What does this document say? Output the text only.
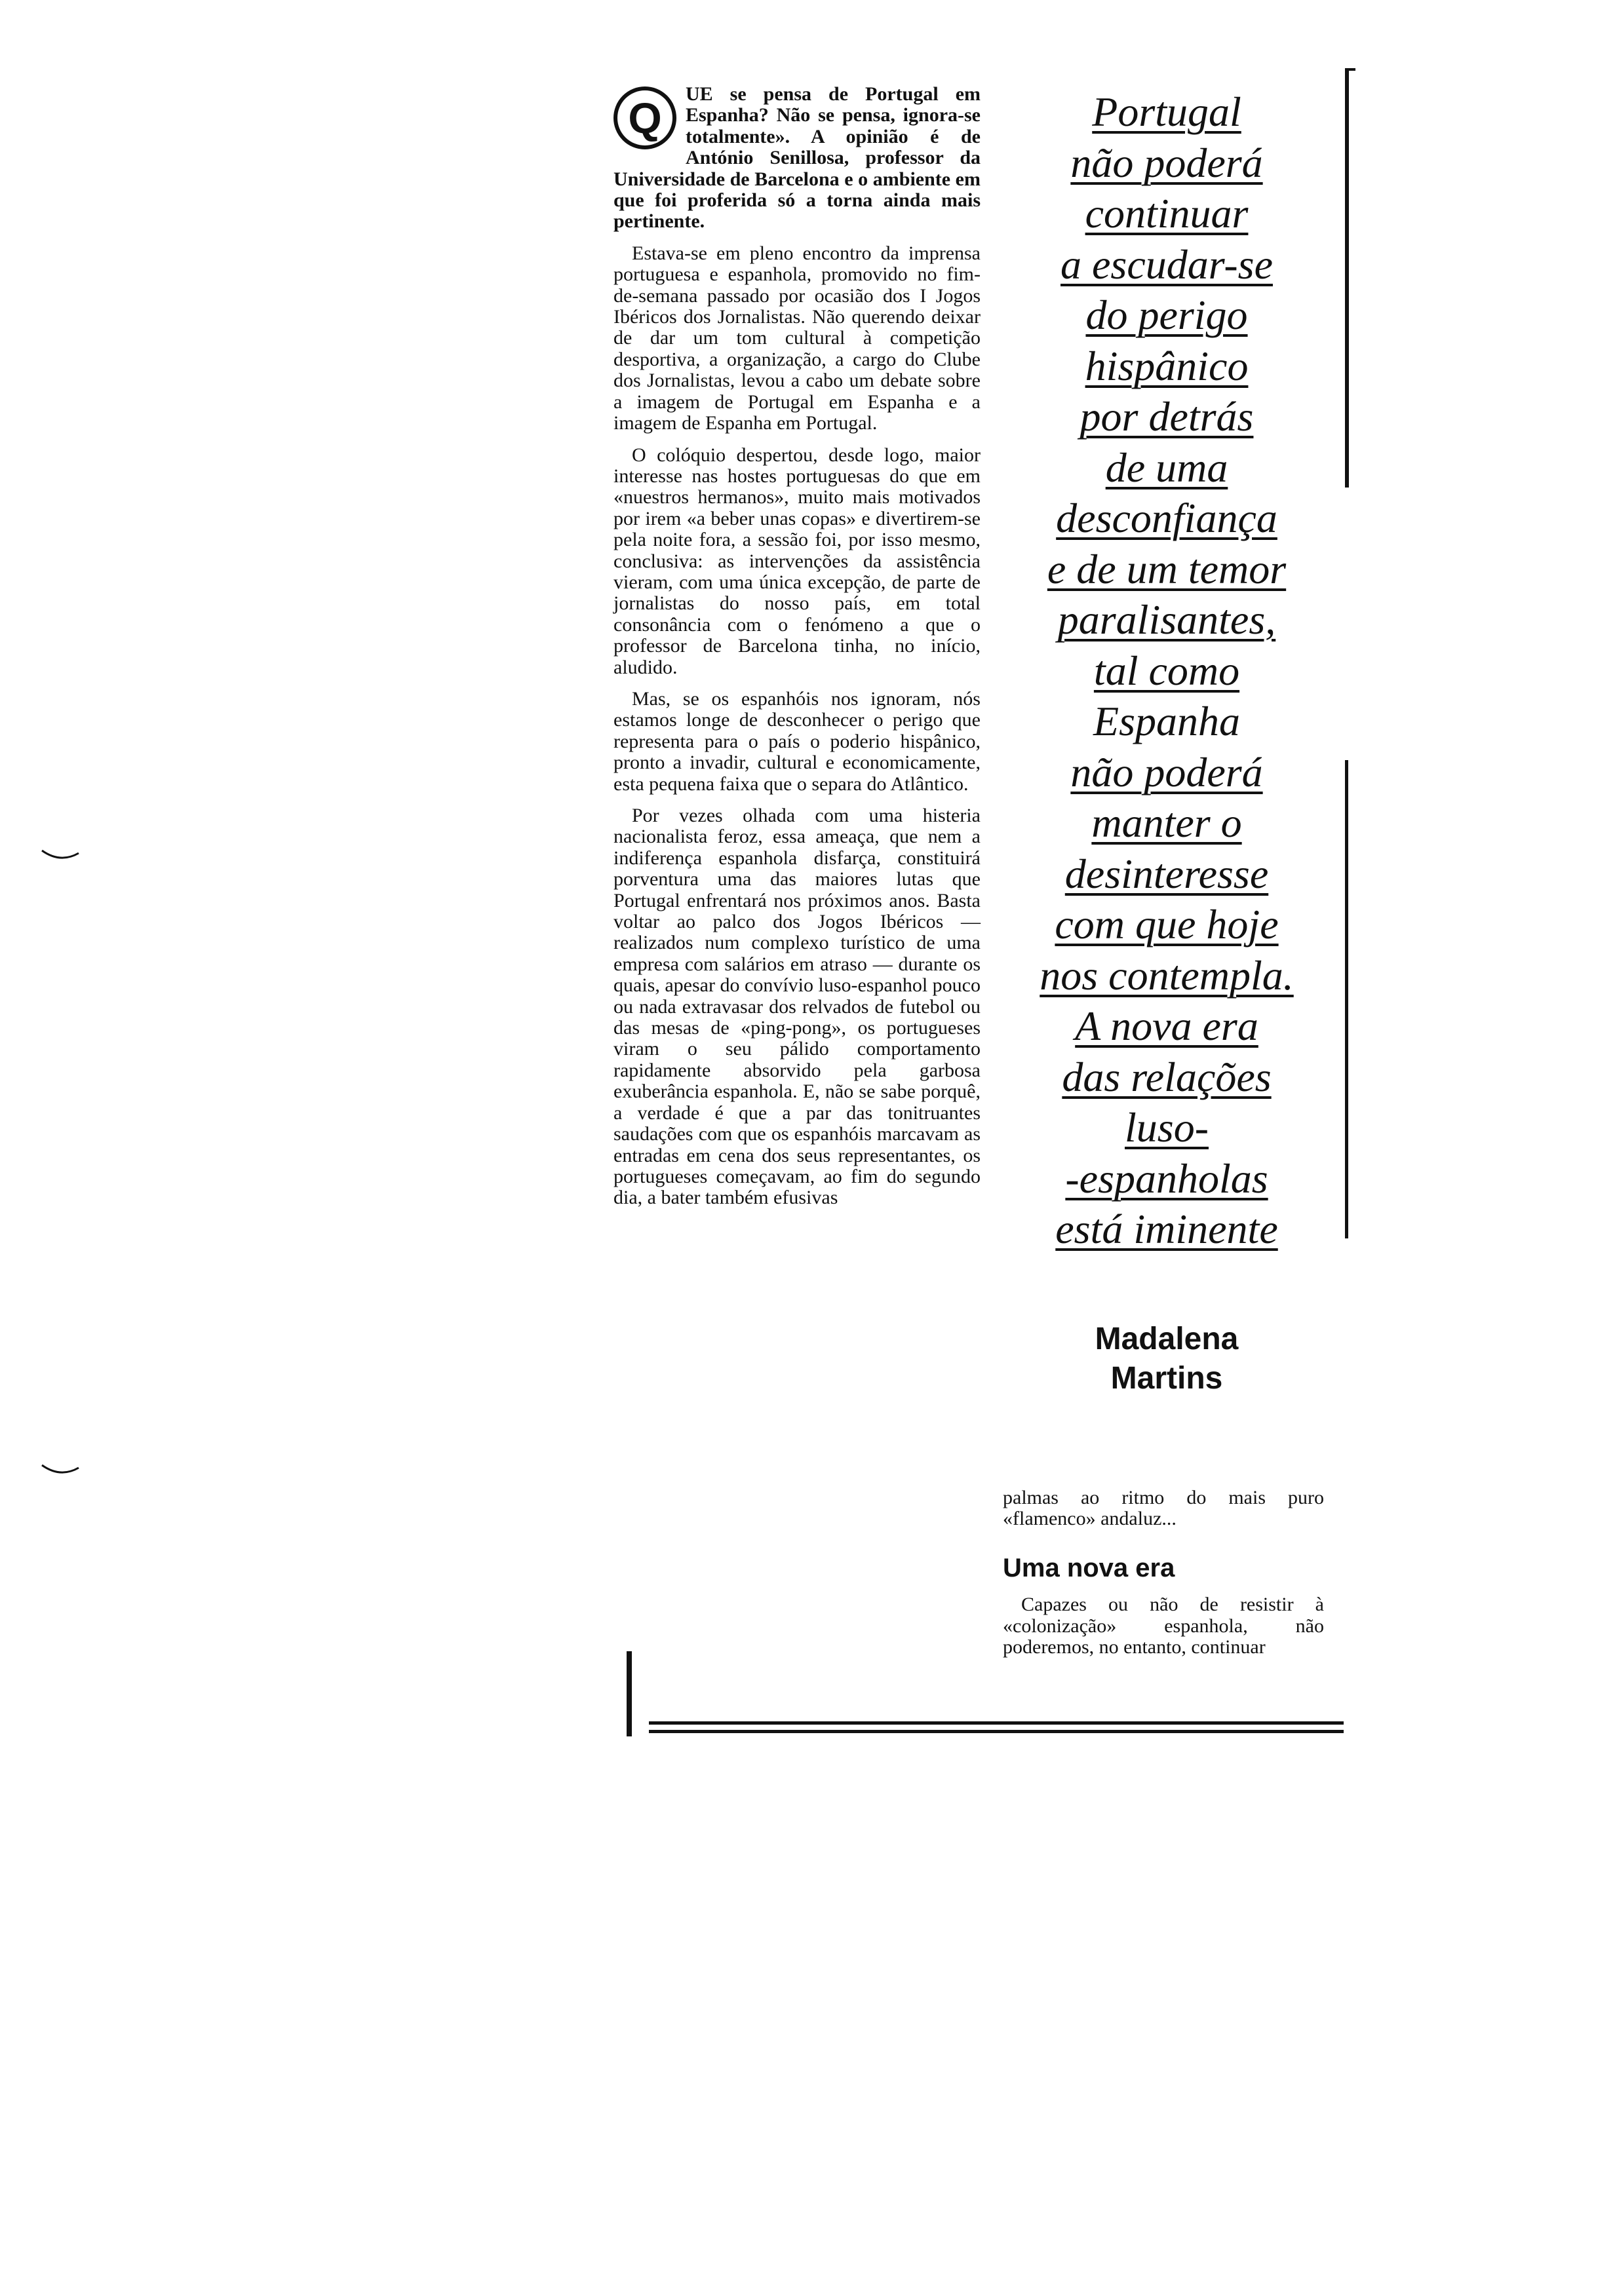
Q	UE se pensa de Portugal em Espanha? Não se pensa, ignora-se totalmente». A opinião é de António Senillosa, professor da Universidade de Barcelona e o ambiente em que foi proferida só a torna ainda mais pertinente.

Estava-se em pleno encontro da imprensa portuguesa e espanhola, promovido no fim-de-semana passado por ocasião dos I Jogos Ibéricos dos Jornalistas. Não querendo deixar de dar um tom cultural à competição desportiva, a organização, a cargo do Clube dos Jornalistas, levou a cabo um debate sobre a imagem de Portugal em Espanha e a imagem de Espanha em Portugal.

O colóquio despertou, desde logo, maior interesse nas hostes portuguesas do que em «nuestros hermanos», muito mais motivados por irem «a beber unas copas» e divertirem-se pela noite fora, a sessão foi, por isso mesmo, conclusiva: as intervenções da assistência vieram, com uma única excepção, de parte de jornalistas do nosso país, em total consonância com o fenómeno a que o professor de Barcelona tinha, no início, aludido.

Mas, se os espanhóis nos ignoram, nós estamos longe de desconhecer o perigo que representa para o país o poderio hispânico, pronto a invadir, cultural e economicamente, esta pequena faixa que o separa do Atlântico.

Por vezes olhada com uma histeria nacionalista feroz, essa ameaça, que nem a indiferença espanhola disfarça, constituirá porventura uma das maiores lutas que Portugal enfrentará nos próximos anos. Basta voltar ao palco dos Jogos Ibéricos — realizados num complexo turístico de uma empresa com salários em atraso — durante os quais, apesar do convívio luso-espanhol pouco ou nada extravasar dos relvados de futebol ou das mesas de «ping-pong», os portugueses viram o seu pálido comportamento rapidamente absorvido pela garbosa exuberância espanhola. E, não se sabe porquê, a verdade é que a par das tonitruantes saudações com que os espanhóis marcavam as entradas em cena dos seus representantes, os portugueses começavam, ao fim do segundo dia, a bater também efusivas

Portugal
não poderá
continuar
a escudar-se
do perigo
hispânico
por detrás
de uma
desconfiança
e de um temor
paralisantes,
tal como
Espanha
não poderá
manter o
desinteresse
com que hoje
nos contempla.
A nova era
das relações
luso-
-espanholas
está iminente
Madalena
Martins

palmas ao ritmo do mais puro «flamenco» andaluz...

Uma nova era

Capazes ou não de resistir à «colonização» espanhola, não poderemos, no entanto, continuar
